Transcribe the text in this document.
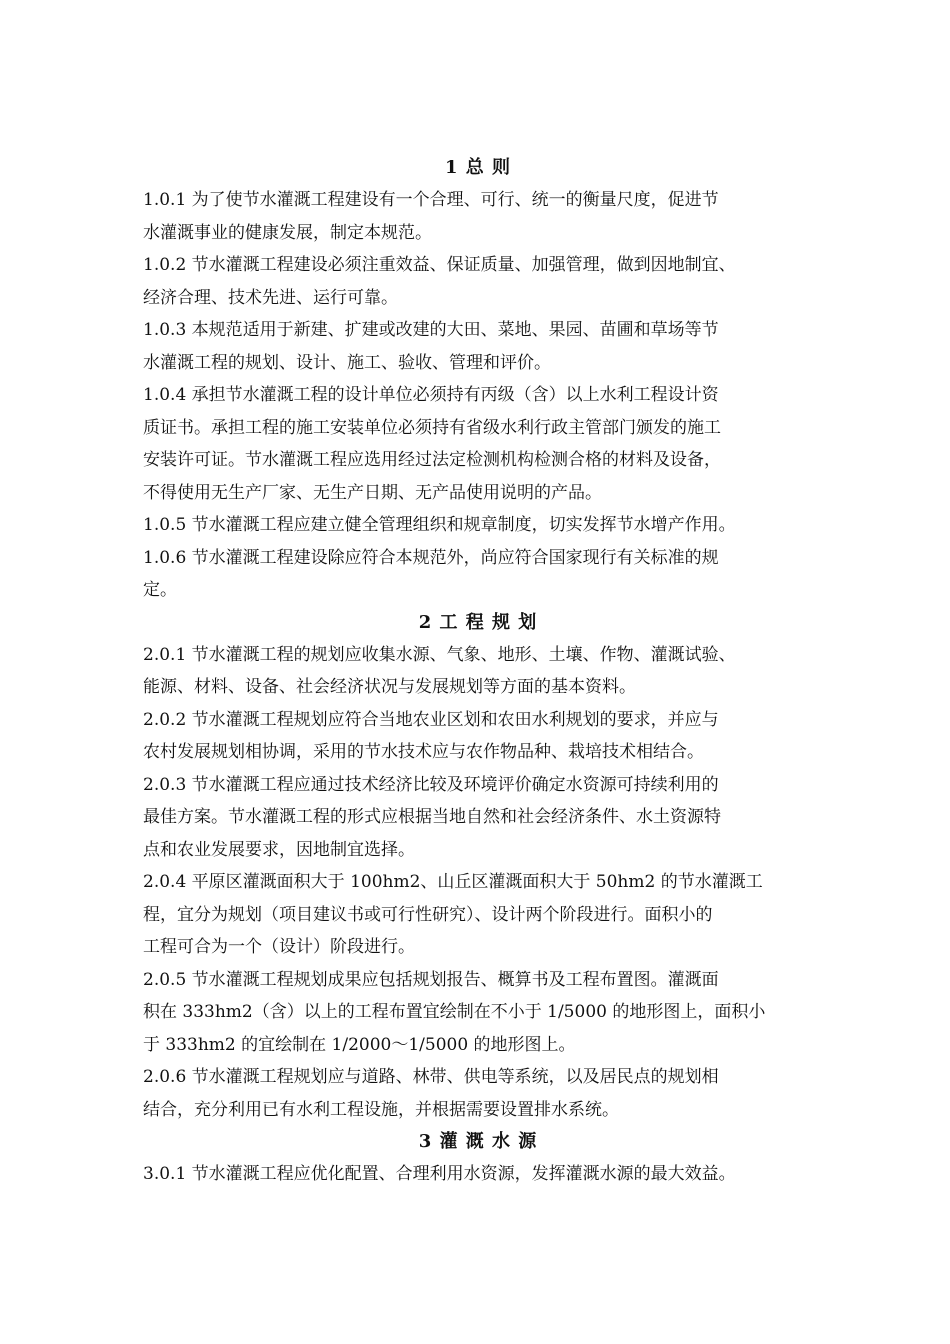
1 总 则

1.0.1 为了使节水灌溉工程建设有一个合理、可行、统一的衡量尺度，促进节
水灌溉事业的健康发展，制定本规范。

1.0.2 节水灌溉工程建设必须注重效益、保证质量、加强管理，做到因地制宜、
经济合理、技术先进、运行可靠。

1.0.3 本规范适用于新建、扩建或改建的大田、菜地、果园、苗圃和草场等节
水灌溉工程的规划、设计、施工、验收、管理和评价。

1.0.4 承担节水灌溉工程的设计单位必须持有丙级（含）以上水利工程设计资
质证书。承担工程的施工安装单位必须持有省级水利行政主管部门颁发的施工
安装许可证。节水灌溉工程应选用经过法定检测机构检测合格的材料及设备，
不得使用无生产厂家、无生产日期、无产品使用说明的产品。

1.0.5 节水灌溉工程应建立健全管理组织和规章制度，切实发挥节水增产作用。

1.0.6 节水灌溉工程建设除应符合本规范外，尚应符合国家现行有关标准的规
定。

2 工 程 规 划

2.0.1 节水灌溉工程的规划应收集水源、气象、地形、土壤、作物、灌溉试验、
能源、材料、设备、社会经济状况与发展规划等方面的基本资料。

2.0.2 节水灌溉工程规划应符合当地农业区划和农田水利规划的要求，并应与
农村发展规划相协调，采用的节水技术应与农作物品种、栽培技术相结合。

2.0.3 节水灌溉工程应通过技术经济比较及环境评价确定水资源可持续利用的
最佳方案。节水灌溉工程的形式应根据当地自然和社会经济条件、水土资源特
点和农业发展要求，因地制宜选择。

2.0.4 平原区灌溉面积大于 100hm2、山丘区灌溉面积大于 50hm2 的节水灌溉工
程，宜分为规划（项目建议书或可行性研究）、设计两个阶段进行。面积小的
工程可合为一个（设计）阶段进行。

2.0.5 节水灌溉工程规划成果应包括规划报告、概算书及工程布置图。灌溉面
积在 333hm2（含）以上的工程布置宜绘制在不小于 1/5000 的地形图上，面积小
于 333hm2 的宜绘制在 1/2000～1/5000 的地形图上。

2.0.6 节水灌溉工程规划应与道路、林带、供电等系统，以及居民点的规划相
结合，充分利用已有水利工程设施，并根据需要设置排水系统。

3 灌 溉 水 源

3.0.1 节水灌溉工程应优化配置、合理利用水资源，发挥灌溉水源的最大效益。
